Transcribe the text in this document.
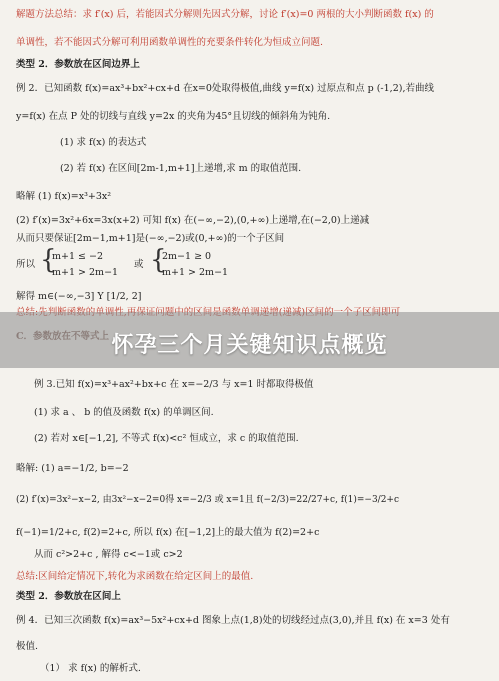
解题方法总结：求 f′(x) 后，若能因式分解则先因式分解，讨论 f′(x)=0 两根的大小判断函数 f(x) 的
单调性，若不能因式分解可利用函数单调性的充要条件转化为恒成立问题.
类型 2．参数放在区间边界上
例 2．已知函数 f(x)=ax³+bx²+cx+d 在x=0处取得极值,曲线 y=f(x) 过原点和点 p (-1,2),若曲线
y=f(x) 在点 P 处的切线与直线 y=2x 的夹角为45°且切线的倾斜角为钝角.
(1) 求 f(x) 的表达式
(2) 若 f(x) 在区间[2m-1,m+1]上递增,求 m 的取值范围.
略解 (1) f(x)=x³+3x²
(2) f′(x)=3x²+6x=3x(x+2) 可知 f(x) 在(−∞,−2),(0,+∞)上递增,在(−2,0)上递减
从而只要保证[2m−1,m+1]是(−∞,−2)或(0,+∞)的一个子区间
所以 {
m+1 ≤ −2
m+1 > 2m−1
或 {
2m−1 ≥ 0
m+1 > 2m−1
解得 m∈(−∞,−3] Y [1/2, 2]
例 3.已知 f(x)=x³+ax²+bx+c 在 x=−2/3 与 x=1 时都取得极值
(1) 求 a 、 b 的值及函数 f(x) 的单调区间.
(2) 若对 x∈[−1,2], 不等式 f(x)<c² 恒成立，求 c 的取值范围.
略解: (1) a=−1/2, b=−2
(2) f′(x)=3x²−x−2, 由3x²−x−2=0得 x=−2/3 或 x=1且 f(−2/3)=22/27+c, f(1)=−3/2+c
f(−1)=1/2+c, f(2)=2+c, 所以 f(x) 在[−1,2]上的最大值为 f(2)=2+c
从而 c²>2+c , 解得 c<−1或 c>2
总结:区间给定情况下,转化为求函数在给定区间上的最值.
类型 2．参数放在区间上
例 4．已知三次函数 f(x)=ax³−5x²+cx+d 图象上点(1,8)处的切线经过点(3,0),并且 f(x) 在 x=3 处有
极值.
（1） 求 f(x) 的解析式.
怀孕三个月关键知识点概览
